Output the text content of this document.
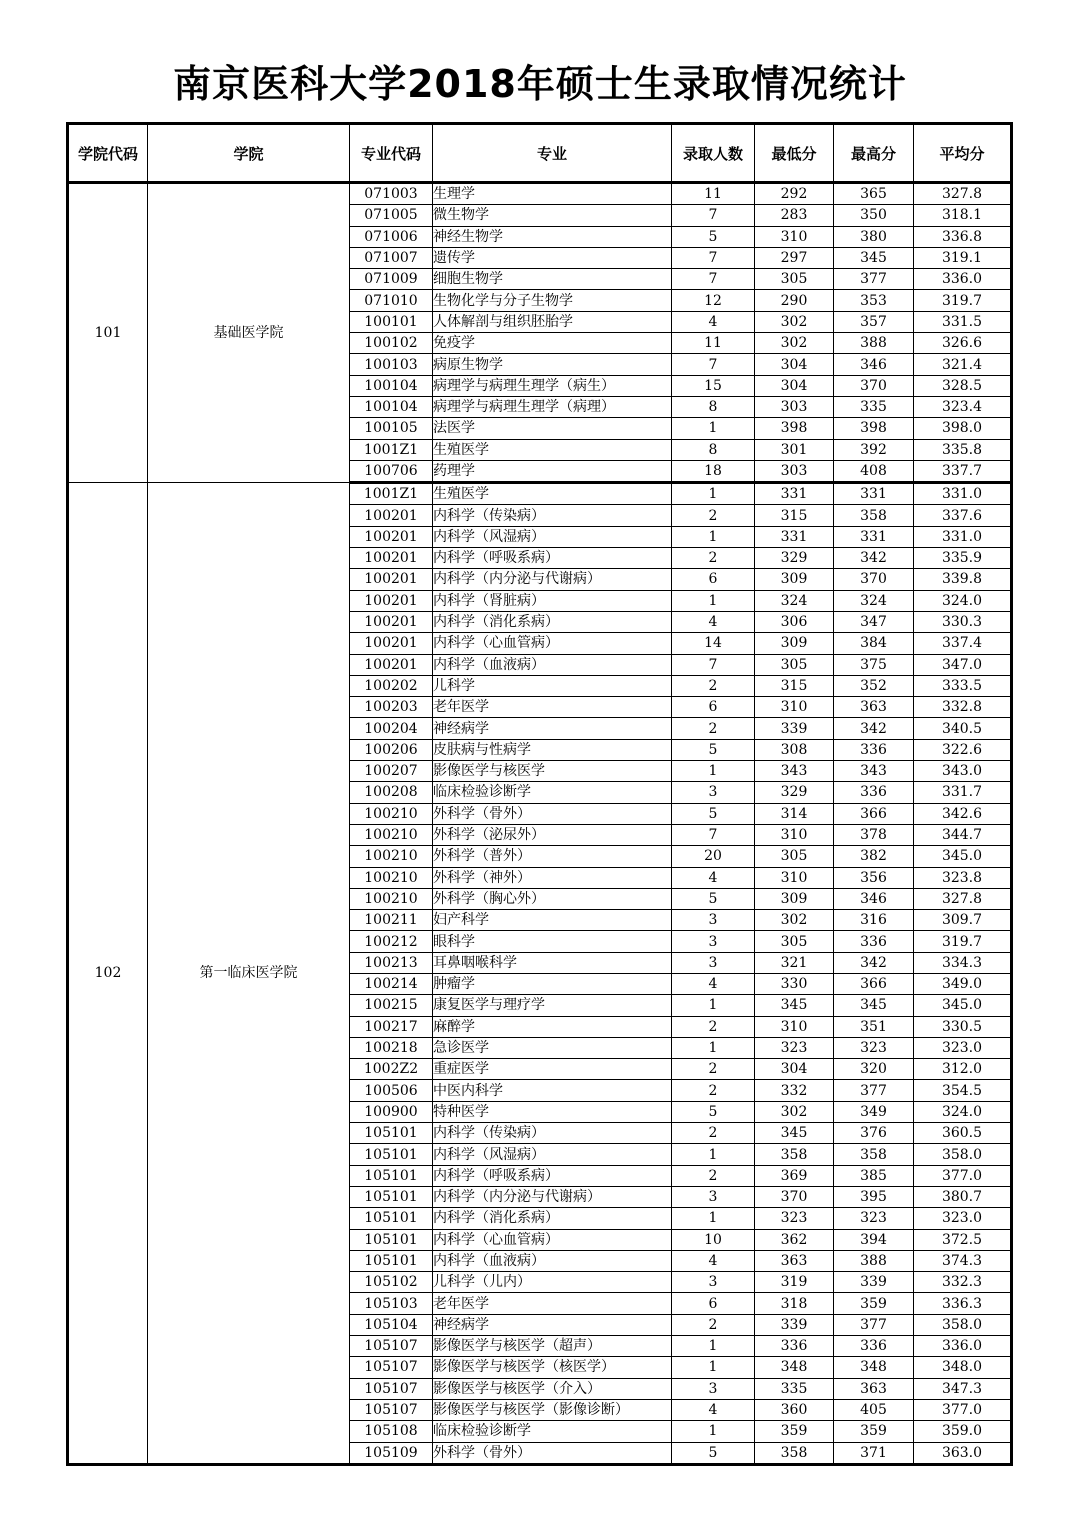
南京医科大学2018年硕士生录取情况统计
学院代码	学院	专业代码	专业	录取人数	最低分	最高分	平均分
101	基础医学院	071003	生理学	11	292	365	327.8
		071005	微生物学	7	283	350	318.1
		071006	神经生物学	5	310	380	336.8
		071007	遗传学	7	297	345	319.1
		071009	细胞生物学	7	305	377	336.0
		071010	生物化学与分子生物学	12	290	353	319.7
		100101	人体解剖与组织胚胎学	4	302	357	331.5
		100102	免疫学	11	302	388	326.6
		100103	病原生物学	7	304	346	321.4
		100104	病理学与病理生理学（病生）	15	304	370	328.5
		100104	病理学与病理生理学（病理）	8	303	335	323.4
		100105	法医学	1	398	398	398.0
		1001Z1	生殖医学	8	301	392	335.8
		100706	药理学	18	303	408	337.7
102	第一临床医学院	1001Z1	生殖医学	1	331	331	331.0
		100201	内科学（传染病）	2	315	358	337.6
		100201	内科学（风湿病）	1	331	331	331.0
		100201	内科学（呼吸系病）	2	329	342	335.9
		100201	内科学（内分泌与代谢病）	6	309	370	339.8
		100201	内科学（肾脏病）	1	324	324	324.0
		100201	内科学（消化系病）	4	306	347	330.3
		100201	内科学（心血管病）	14	309	384	337.4
		100201	内科学（血液病）	7	305	375	347.0
		100202	儿科学	2	315	352	333.5
		100203	老年医学	6	310	363	332.8
		100204	神经病学	2	339	342	340.5
		100206	皮肤病与性病学	5	308	336	322.6
		100207	影像医学与核医学	1	343	343	343.0
		100208	临床检验诊断学	3	329	336	331.7
		100210	外科学（骨外）	5	314	366	342.6
		100210	外科学（泌尿外）	7	310	378	344.7
		100210	外科学（普外）	20	305	382	345.0
		100210	外科学（神外）	4	310	356	323.8
		100210	外科学（胸心外）	5	309	346	327.8
		100211	妇产科学	3	302	316	309.7
		100212	眼科学	3	305	336	319.7
		100213	耳鼻咽喉科学	3	321	342	334.3
		100214	肿瘤学	4	330	366	349.0
		100215	康复医学与理疗学	1	345	345	345.0
		100217	麻醉学	2	310	351	330.5
		100218	急诊医学	1	323	323	323.0
		1002Z2	重症医学	2	304	320	312.0
		100506	中医内科学	2	332	377	354.5
		100900	特种医学	5	302	349	324.0
		105101	内科学（传染病）	2	345	376	360.5
		105101	内科学（风湿病）	1	358	358	358.0
		105101	内科学（呼吸系病）	2	369	385	377.0
		105101	内科学（内分泌与代谢病）	3	370	395	380.7
		105101	内科学（消化系病）	1	323	323	323.0
		105101	内科学（心血管病）	10	362	394	372.5
		105101	内科学（血液病）	4	363	388	374.3
		105102	儿科学（儿内）	3	319	339	332.3
		105103	老年医学	6	318	359	336.3
		105104	神经病学	2	339	377	358.0
		105107	影像医学与核医学（超声）	1	336	336	336.0
		105107	影像医学与核医学（核医学）	1	348	348	348.0
		105107	影像医学与核医学（介入）	3	335	363	347.3
		105107	影像医学与核医学（影像诊断）	4	360	405	377.0
		105108	临床检验诊断学	1	359	359	359.0
		105109	外科学（骨外）	5	358	371	363.0
